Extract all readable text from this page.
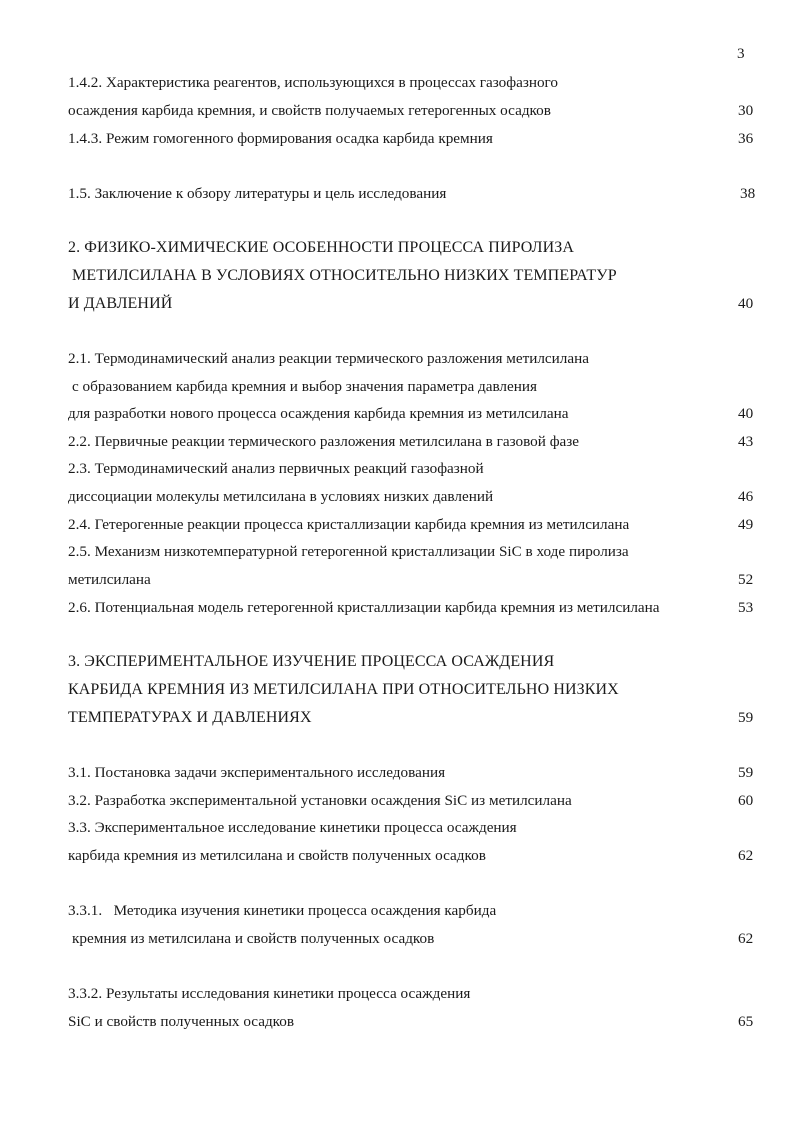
3
1.4.2. Характеристика реагентов, использующихся в процессах газофазного
осаждения карбида кремния, и свойств получаемых гетерогенных осадков	30
1.4.3. Режим гомогенного формирования осадка карбида кремния	36
1.5. Заключение к обзору литературы и цель исследования	38
2. ФИЗИКО-ХИМИЧЕСКИЕ ОСОБЕННОСТИ ПРОЦЕССА ПИРОЛИЗА
МЕТИЛСИЛАНА В УСЛОВИЯХ ОТНОСИТЕЛЬНО НИЗКИХ ТЕМПЕРАТУР
И ДАВЛЕНИЙ	40
2.1. Термодинамический анализ реакции термического разложения метилсилана
с образованием карбида кремния и выбор значения параметра давления
для разработки нового процесса осаждения карбида кремния из метилсилана	40
2.2. Первичные реакции термического разложения метилсилана в газовой фазе	43
2.3. Термодинамический анализ первичных реакций газофазной
диссоциации молекулы метилсилана в условиях низких давлений	46
2.4. Гетерогенные реакции процесса кристаллизации карбида кремния из метилсилана	49
2.5. Механизм низкотемпературной гетерогенной кристаллизации SiC в ходе пиролиза
метилсилана	52
2.6. Потенциальная модель гетерогенной кристаллизации карбида кремния из метилсилана	53
3. ЭКСПЕРИМЕНТАЛЬНОЕ ИЗУЧЕНИЕ ПРОЦЕССА ОСАЖДЕНИЯ
КАРБИДА КРЕМНИЯ ИЗ МЕТИЛСИЛАНА ПРИ ОТНОСИТЕЛЬНО НИЗКИХ
ТЕМПЕРАТУРАХ И ДАВЛЕНИЯХ	59
3.1. Постановка задачи экспериментального исследования	59
3.2. Разработка экспериментальной установки осаждения SiC из метилсилана	60
3.3. Экспериментальное исследование кинетики процесса осаждения
карбида кремния из метилсилана и свойств полученных осадков	62
3.3.1.   Методика изучения кинетики процесса осаждения карбида
кремния из метилсилана и свойств полученных осадков	62
3.3.2. Результаты исследования кинетики процесса осаждения
SiC и свойств полученных осадков	65
